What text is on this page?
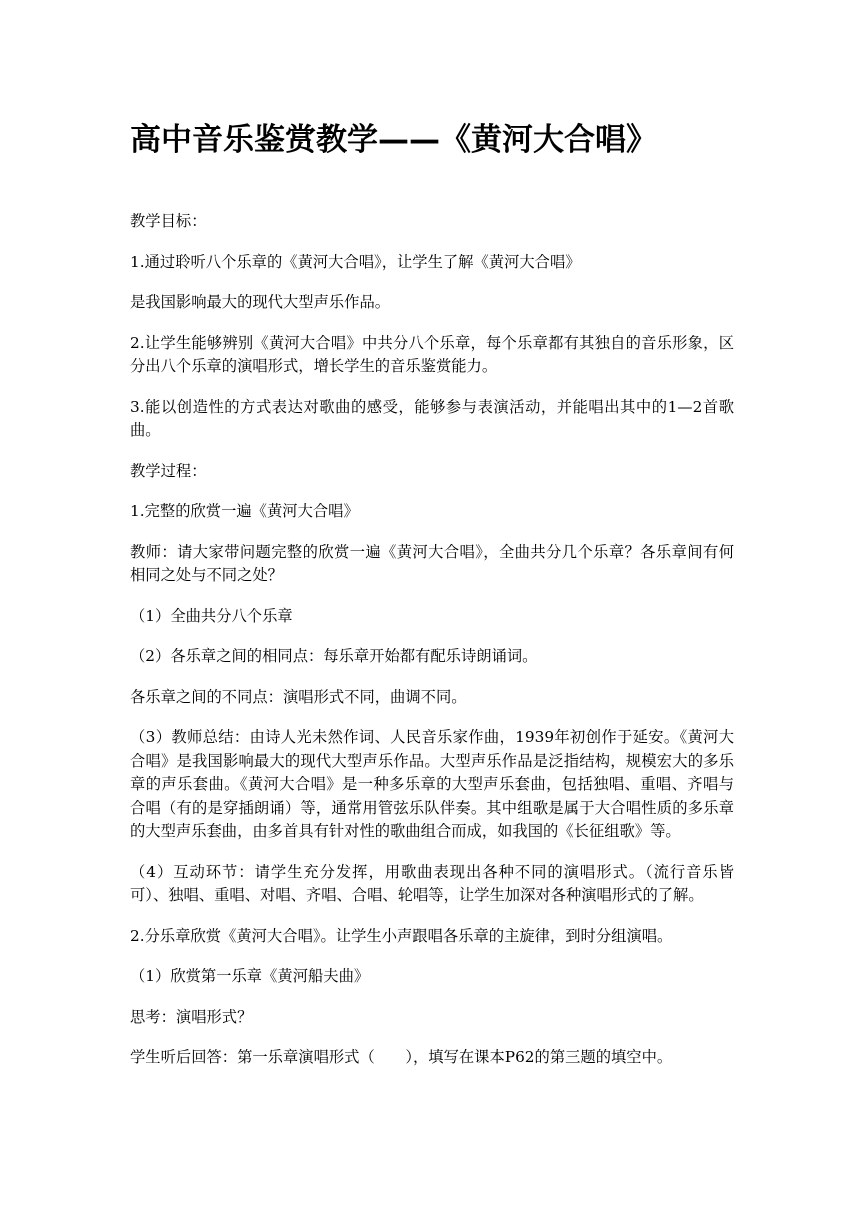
高中音乐鉴赏教学——《黄河大合唱》

教学目标：

1.通过聆听八个乐章的《黄河大合唱》，让学生了解《黄河大合唱》

是我国影响最大的现代大型声乐作品。

2.让学生能够辨别《黄河大合唱》中共分八个乐章，每个乐章都有其独自的音乐形象，区分出八个乐章的演唱形式，增长学生的音乐鉴赏能力。

3.能以创造性的方式表达对歌曲的感受，能够参与表演活动，并能唱出其中的1—2首歌曲。

教学过程：

1.完整的欣赏一遍《黄河大合唱》

教师：请大家带问题完整的欣赏一遍《黄河大合唱》，全曲共分几个乐章？各乐章间有何相同之处与不同之处？

（1）全曲共分八个乐章

（2）各乐章之间的相同点：每乐章开始都有配乐诗朗诵词。

各乐章之间的不同点：演唱形式不同，曲调不同。

（3）教师总结：由诗人光未然作词、人民音乐家作曲，1939年初创作于延安。《黄河大合唱》是我国影响最大的现代大型声乐作品。大型声乐作品是泛指结构，规模宏大的多乐章的声乐套曲。《黄河大合唱》是一种多乐章的大型声乐套曲，包括独唱、重唱、齐唱与合唱（有的是穿插朗诵）等，通常用管弦乐队伴奏。其中组歌是属于大合唱性质的多乐章的大型声乐套曲，由多首具有针对性的歌曲组合而成，如我国的《长征组歌》等。

（4）互动环节：请学生充分发挥，用歌曲表现出各种不同的演唱形式。（流行音乐皆可）、独唱、重唱、对唱、齐唱、合唱、轮唱等，让学生加深对各种演唱形式的了解。

2.分乐章欣赏《黄河大合唱》。让学生小声跟唱各乐章的主旋律，到时分组演唱。

（1）欣赏第一乐章《黄河船夫曲》

思考：演唱形式？

学生听后回答：第一乐章演唱形式（　　），填写在课本P62的第三题的填空中。
